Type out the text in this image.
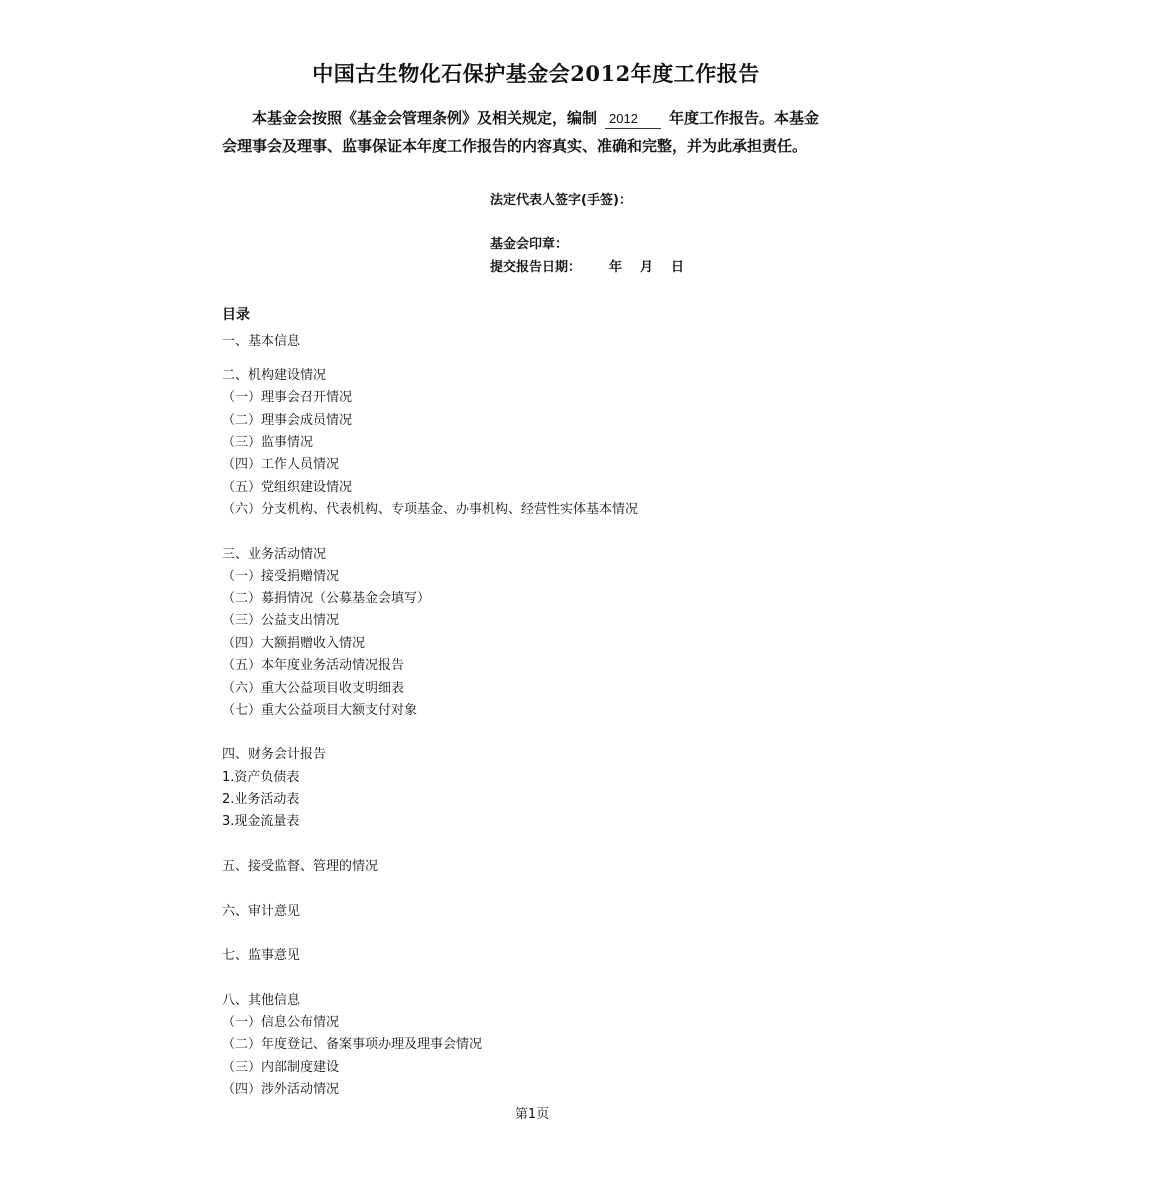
中国古生物化石保护基金会2012年度工作报告
本基金会按照《基金会管理条例》及相关规定，编制 2012 年度工作报告。本基金会理事会及理事、监事保证本年度工作报告的内容真实、准确和完整，并为此承担责任。
法定代表人签字(手签)：
基金会印章：
提交报告日期： 年 月 日
目录
一、基本信息
二、机构建设情况
（一）理事会召开情况
（二）理事会成员情况
（三）监事情况
（四）工作人员情况
（五）党组织建设情况
（六）分支机构、代表机构、专项基金、办事机构、经营性实体基本情况
三、业务活动情况
（一）接受捐赠情况
（二）募捐情况（公募基金会填写）
（三）公益支出情况
（四）大额捐赠收入情况
（五）本年度业务活动情况报告
（六）重大公益项目收支明细表
（七）重大公益项目大额支付对象
四、财务会计报告
1.资产负债表
2.业务活动表
3.现金流量表
五、接受监督、管理的情况
六、审计意见
七、监事意见
八、其他信息
（一）信息公布情况
（二）年度登记、备案事项办理及理事会情况
（三）内部制度建设
（四）涉外活动情况
第1页
